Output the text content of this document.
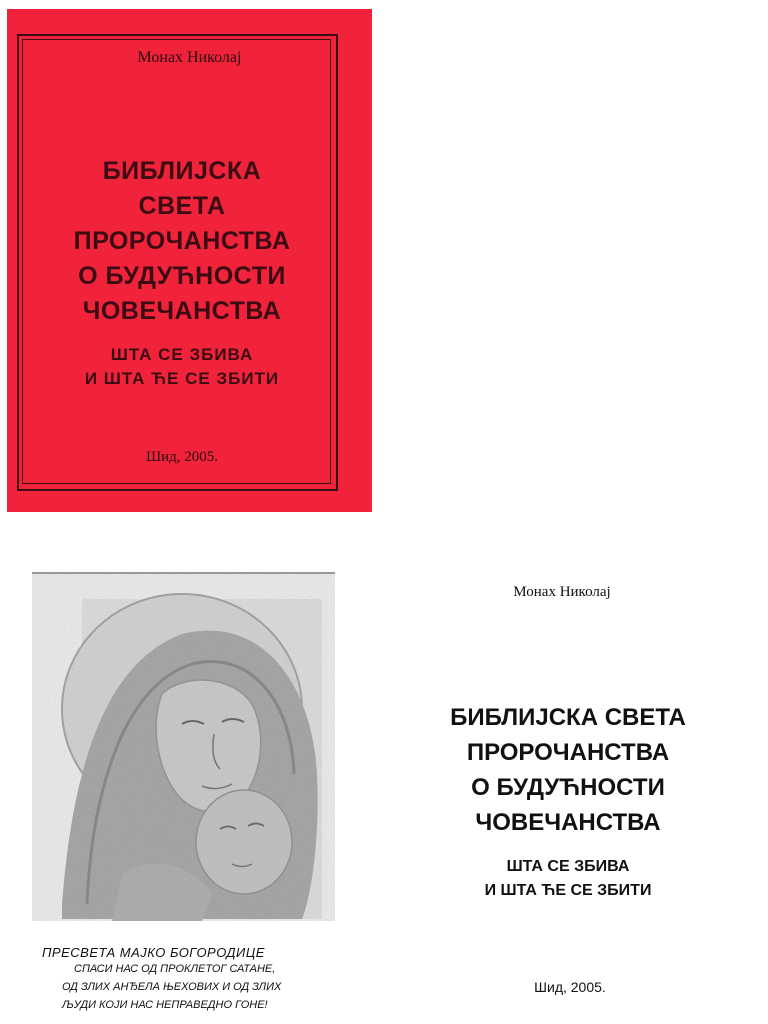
Монах Николај
БИБЛИЈСКА
СВЕТА
ПРОРОЧАНСТВА
О БУДУЋНОСТИ
ЧОВЕЧАНСТВА
ШТА СЕ ЗБИВА
И ШТА ЋЕ СЕ ЗБИТИ
Шид, 2005.
ПРЕСВЕТА МАЈКО БОГОРОДИЦЕ
СПАСИ НАС ОД ПРОКЛЕТОГ САТАНЕ,
ОД ЗЛИХ АНЂЕЛА ЊЕХОВИХ И ОД ЗЛИХ
ЉУДИ КОЈИ НАС НЕПРАВЕДНО ГОНЕ!
Монах Николај
БИБЛИЈСКА СВЕТА
ПРОРОЧАНСТВА
О БУДУЋНОСТИ
ЧОВЕЧАНСТВА
ШТА СЕ ЗБИВА
И ШТА ЋЕ СЕ ЗБИТИ
Шид, 2005.
